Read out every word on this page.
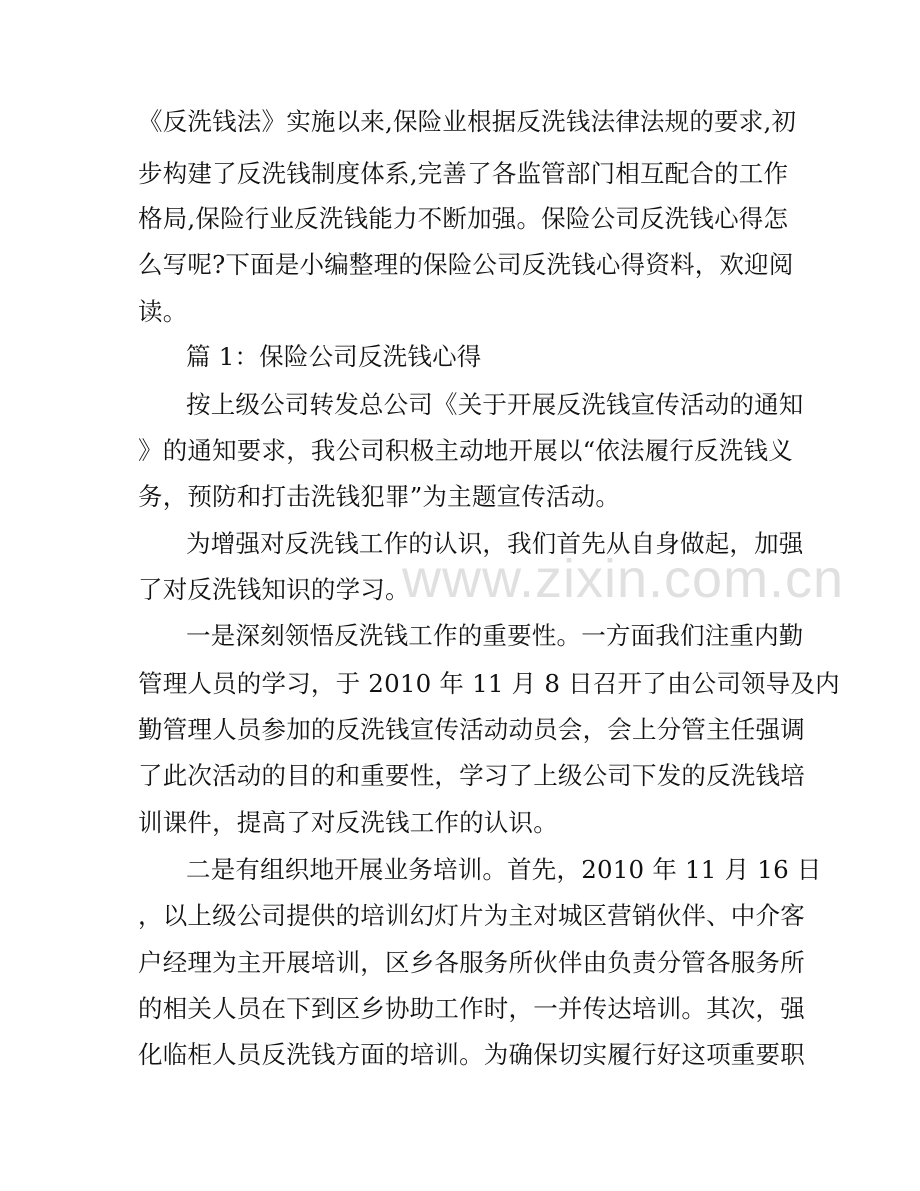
www.zixin.com.cn
《反洗钱法》实施以来,保险业根据反洗钱法律法规的要求,初
步构建了反洗钱制度体系,完善了各监管部门相互配合的工作
格局,保险行业反洗钱能力不断加强。保险公司反洗钱心得怎
么写呢?下面是小编整理的保险公司反洗钱心得资料，欢迎阅
读。
篇 1：保险公司反洗钱心得
按上级公司转发总公司《关于开展反洗钱宣传活动的通知
》的通知要求，我公司积极主动地开展以“依法履行反洗钱义
务，预防和打击洗钱犯罪”为主题宣传活动。
为增强对反洗钱工作的认识，我们首先从自身做起，加强
了对反洗钱知识的学习。
一是深刻领悟反洗钱工作的重要性。一方面我们注重内勤
管理人员的学习，于 2010 年 11 月 8 日召开了由公司领导及内
勤管理人员参加的反洗钱宣传活动动员会，会上分管主任强调
了此次活动的目的和重要性，学习了上级公司下发的反洗钱培
训课件，提高了对反洗钱工作的认识。
二是有组织地开展业务培训。首先，2010 年 11 月 16 日
，以上级公司提供的培训幻灯片为主对城区营销伙伴、中介客
户经理为主开展培训，区乡各服务所伙伴由负责分管各服务所
的相关人员在下到区乡协助工作时，一并传达培训。其次，强
化临柜人员反洗钱方面的培训。为确保切实履行好这项重要职
